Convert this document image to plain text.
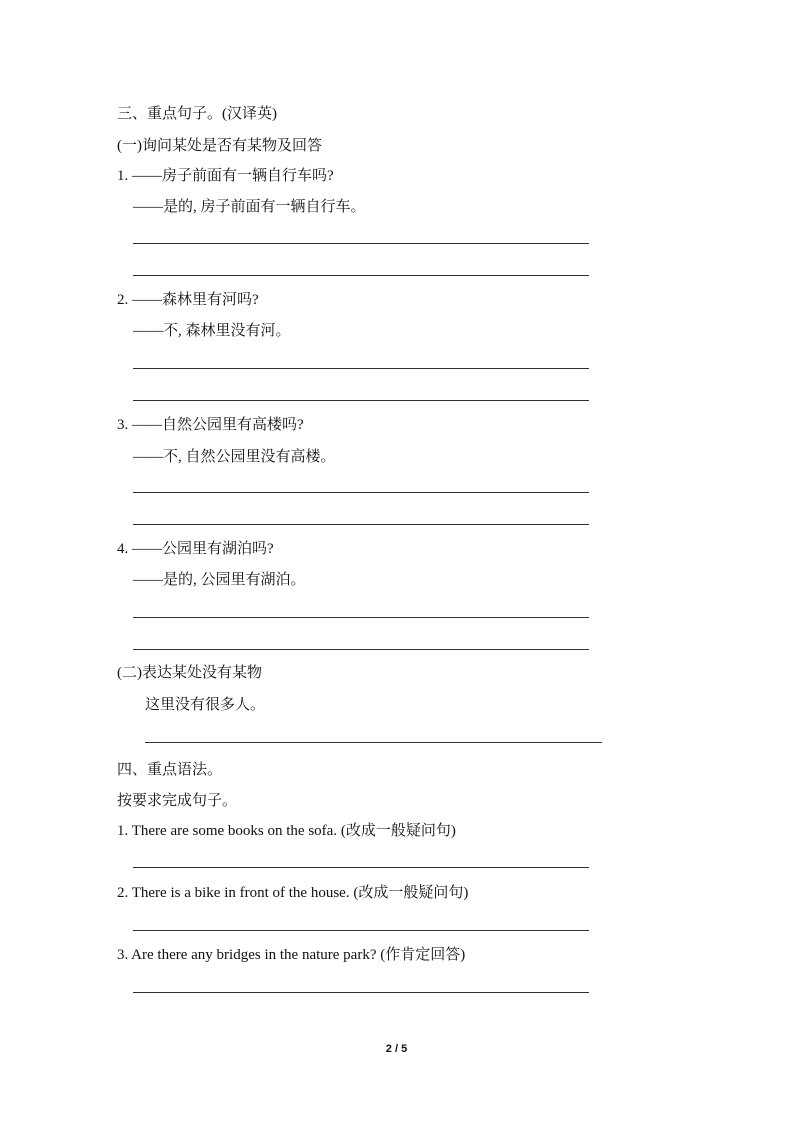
三、重点句子。(汉译英)
(一)询问某处是否有某物及回答
1. ——房子前面有一辆自行车吗?
——是的, 房子前面有一辆自行车。
2. ——森林里有河吗?
——不, 森林里没有河。
3. ——自然公园里有高楼吗?
——不, 自然公园里没有高楼。
4. ——公园里有湖泊吗?
——是的, 公园里有湖泊。
(二)表达某处没有某物
这里没有很多人。
四、重点语法。
按要求完成句子。
1. There are some books on the sofa. (改成一般疑问句)
2. There is a bike in front of the house. (改成一般疑问句)
3. Are there any bridges in the nature park? (作肯定回答)
2 / 5
